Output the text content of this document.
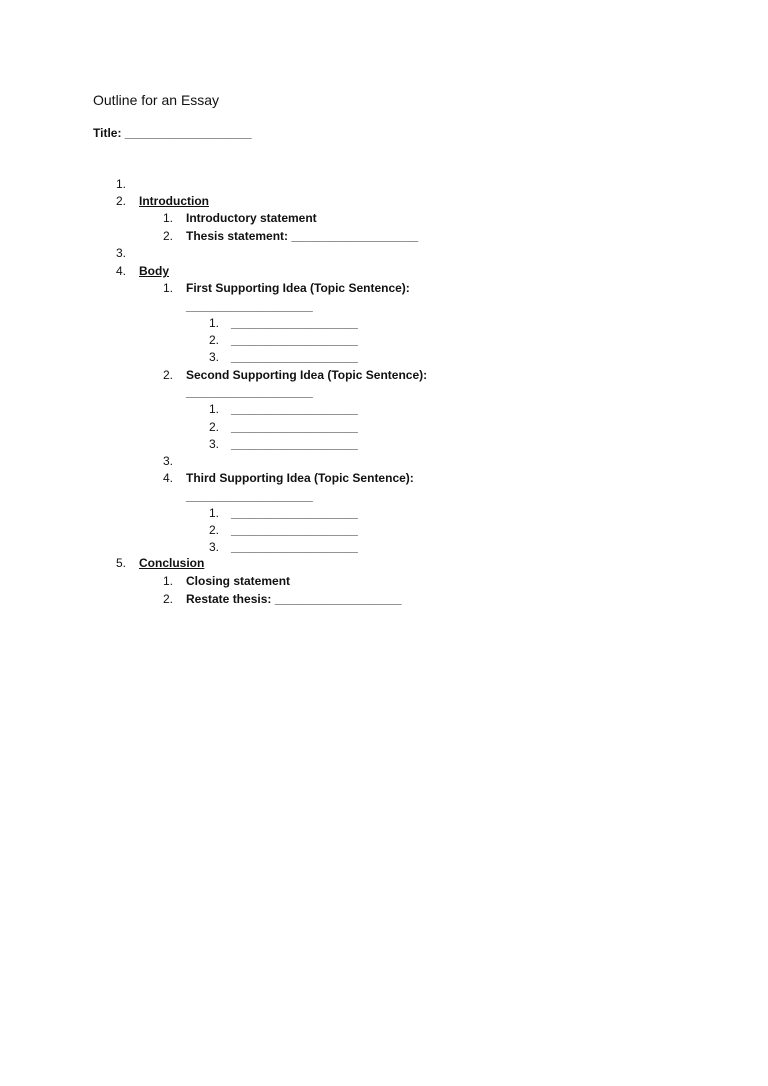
Outline for an Essay
Title: ___________________
1.
2. Introduction
1. Introductory statement
2. Thesis statement: ___________________
3.
4. Body
1. First Supporting Idea (Topic Sentence):
___________________
1. ___________________
2. ___________________
3. ___________________
2. Second Supporting Idea (Topic Sentence):
___________________
1. ___________________
2. ___________________
3. ___________________
3.
4. Third Supporting Idea (Topic Sentence):
___________________
1. ___________________
2. ___________________
3. ___________________
5. Conclusion
1. Closing statement
2. Restate thesis: ___________________
